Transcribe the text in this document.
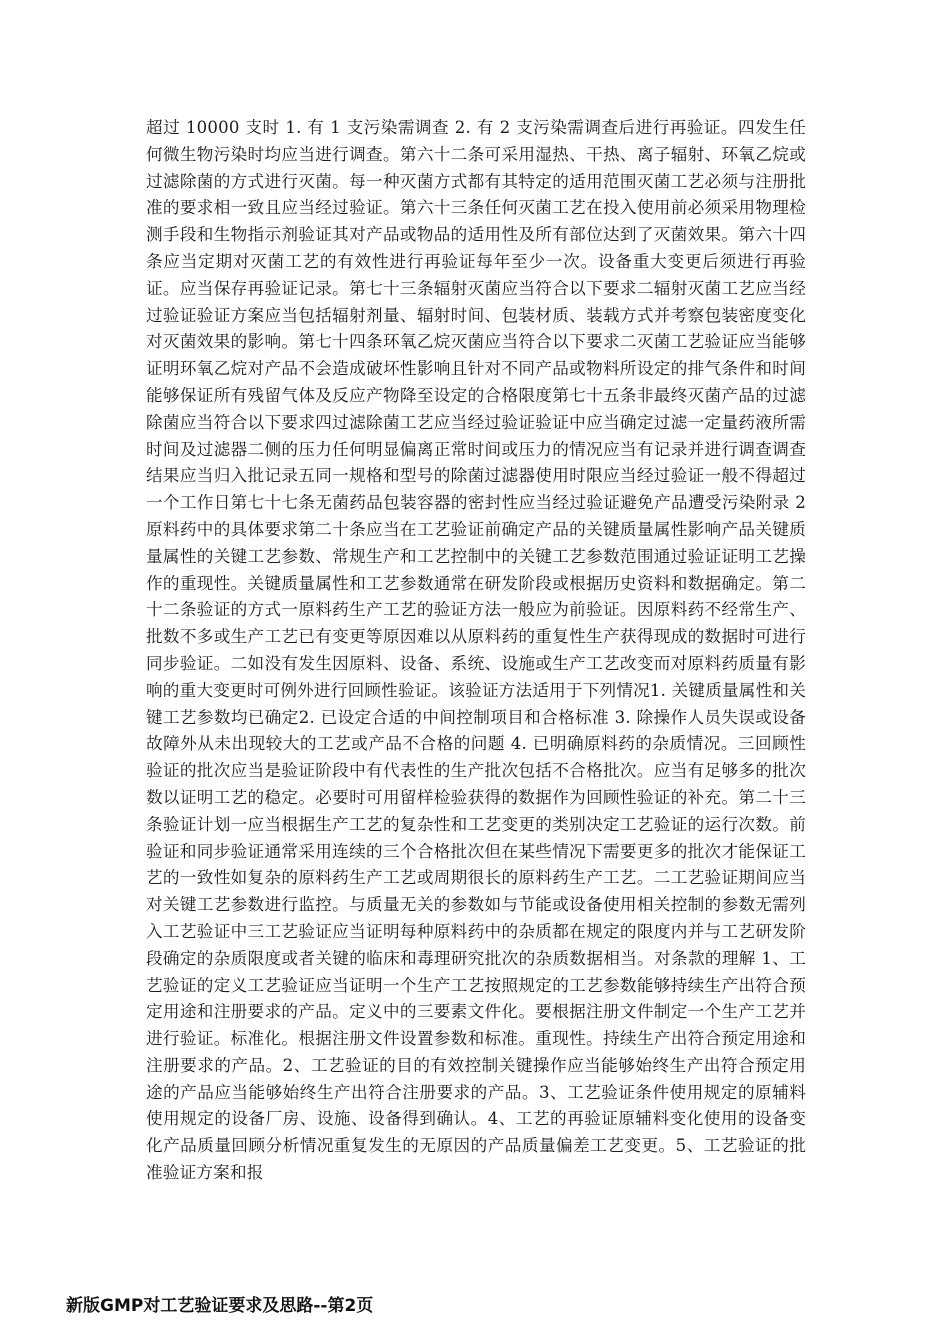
超过 10000 支时 1. 有 1 支污染需调查 2. 有 2 支污染需调查后进行再验证。四发生任何微生物污染时均应当进行调查。第六十二条可采用湿热、干热、离子辐射、环氧乙烷或过滤除菌的方式进行灭菌。每一种灭菌方式都有其特定的适用范围灭菌工艺必须与注册批准的要求相一致且应当经过验证。第六十三条任何灭菌工艺在投入使用前必须采用物理检测手段和生物指示剂验证其对产品或物品的适用性及所有部位达到了灭菌效果。第六十四条应当定期对灭菌工艺的有效性进行再验证每年至少一次。设备重大变更后须进行再验证。应当保存再验证记录。第七十三条辐射灭菌应当符合以下要求二辐射灭菌工艺应当经过验证验证方案应当包括辐射剂量、辐射时间、包装材质、装载方式并考察包装密度变化对灭菌效果的影响。第七十四条环氧乙烷灭菌应当符合以下要求二灭菌工艺验证应当能够证明环氧乙烷对产品不会造成破坏性影响且针对不同产品或物料所设定的排气条件和时间能够保证所有残留气体及反应产物降至设定的合格限度第七十五条非最终灭菌产品的过滤除菌应当符合以下要求四过滤除菌工艺应当经过验证验证中应当确定过滤一定量药液所需时间及过滤器二侧的压力任何明显偏离正常时间或压力的情况应当有记录并进行调查调查结果应当归入批记录五同一规格和型号的除菌过滤器使用时限应当经过验证一般不得超过一个工作日第七十七条无菌药品包装容器的密封性应当经过验证避免产品遭受污染附录 2 原料药中的具体要求第二十条应当在工艺验证前确定产品的关键质量属性影响产品关键质量属性的关键工艺参数、常规生产和工艺控制中的关键工艺参数范围通过验证证明工艺操作的重现性。关键质量属性和工艺参数通常在研发阶段或根据历史资料和数据确定。第二十二条验证的方式一原料药生产工艺的验证方法一般应为前验证。因原料药不经常生产、批数不多或生产工艺已有变更等原因难以从原料药的重复性生产获得现成的数据时可进行同步验证。二如没有发生因原料、设备、系统、设施或生产工艺改变而对原料药质量有影响的重大变更时可例外进行回顾性验证。该验证方法适用于下列情况1. 关键质量属性和关键工艺参数均已确定2. 已设定合适的中间控制项目和合格标准 3. 除操作人员失误或设备故障外从未出现较大的工艺或产品不合格的问题 4. 已明确原料药的杂质情况。三回顾性验证的批次应当是验证阶段中有代表性的生产批次包括不合格批次。应当有足够多的批次数以证明工艺的稳定。必要时可用留样检验获得的数据作为回顾性验证的补充。第二十三条验证计划一应当根据生产工艺的复杂性和工艺变更的类别决定工艺验证的运行次数。前验证和同步验证通常采用连续的三个合格批次但在某些情况下需要更多的批次才能保证工艺的一致性如复杂的原料药生产工艺或周期很长的原料药生产工艺。二工艺验证期间应当对关键工艺参数进行监控。与质量无关的参数如与节能或设备使用相关控制的参数无需列入工艺验证中三工艺验证应当证明每种原料药中的杂质都在规定的限度内并与工艺研发阶段确定的杂质限度或者关键的临床和毒理研究批次的杂质数据相当。对条款的理解 1、工艺验证的定义工艺验证应当证明一个生产工艺按照规定的工艺参数能够持续生产出符合预定用途和注册要求的产品。定义中的三要素文件化。要根据注册文件制定一个生产工艺并进行验证。标准化。根据注册文件设置参数和标准。重现性。持续生产出符合预定用途和注册要求的产品。2、工艺验证的目的有效控制关键操作应当能够始终生产出符合预定用途的产品应当能够始终生产出符合注册要求的产品。3、工艺验证条件使用规定的原辅料使用规定的设备厂房、设施、设备得到确认。4、工艺的再验证原辅料变化使用的设备变化产品质量回顾分析情况重复发生的无原因的产品质量偏差工艺变更。5、工艺验证的批准验证方案和报

新版GMP对工艺验证要求及思路--第2页
